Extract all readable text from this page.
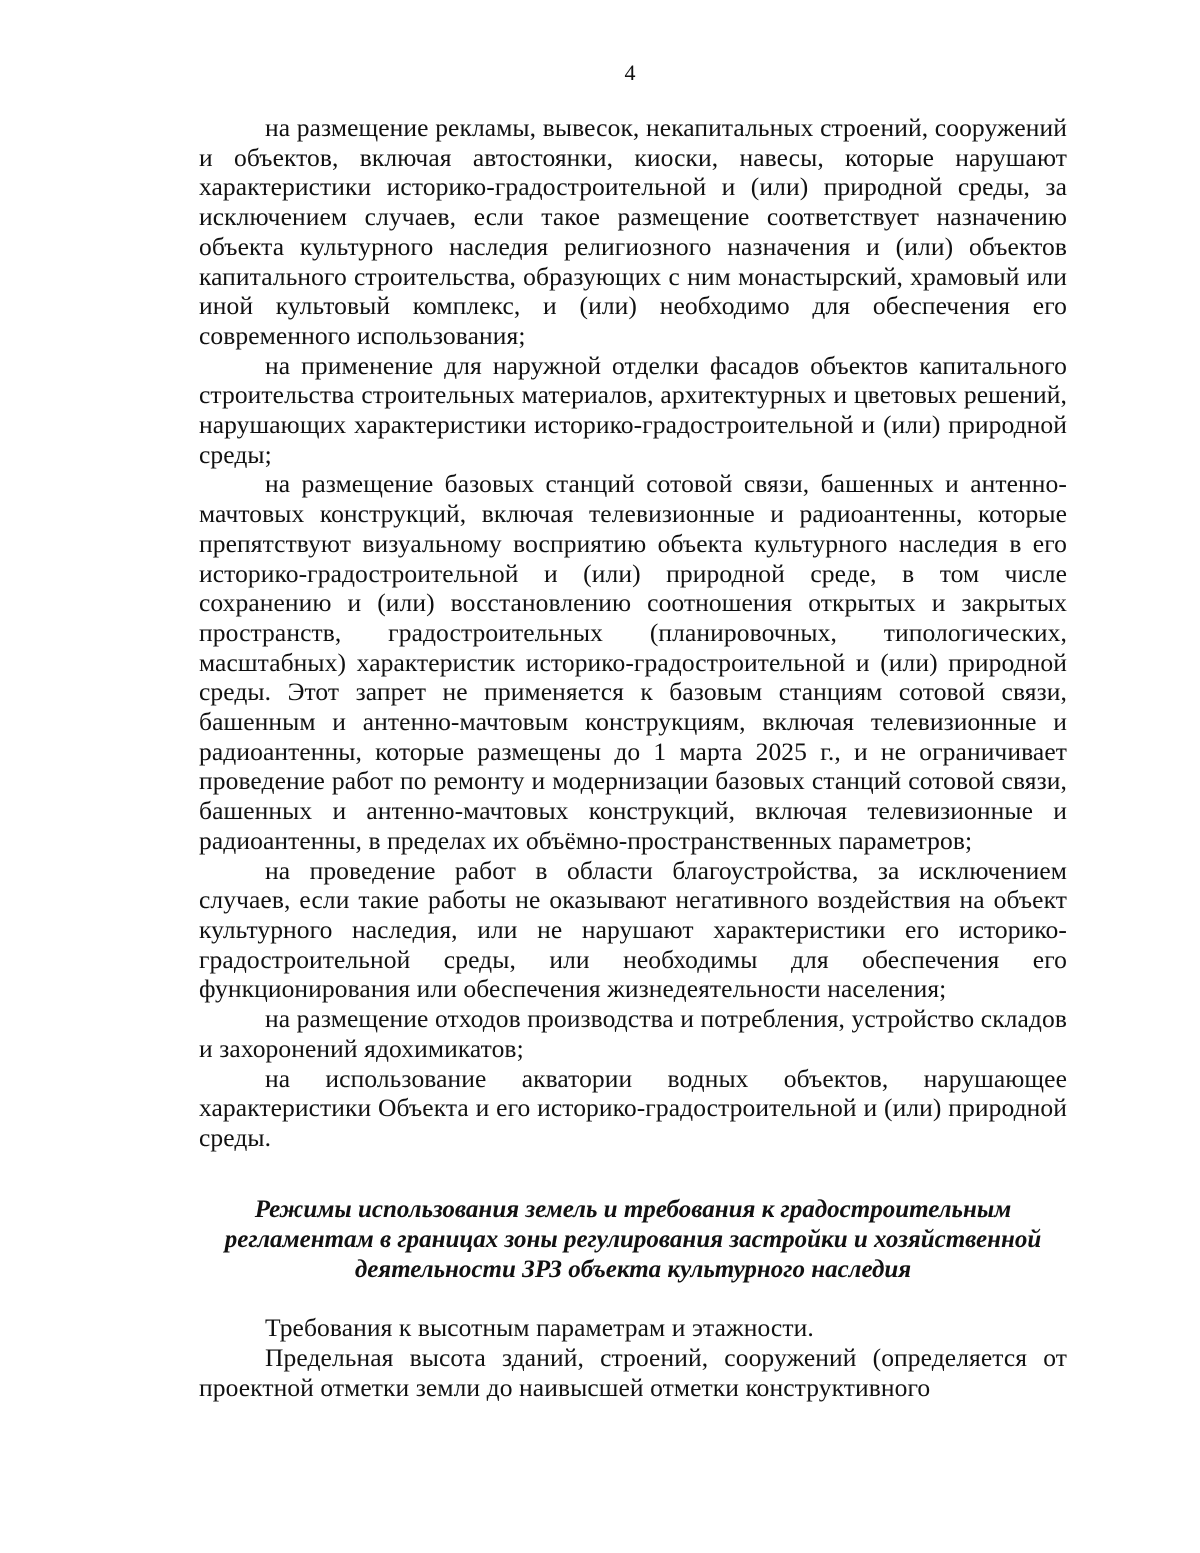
4

на размещение рекламы, вывесок, некапитальных строений, сооружений и объектов, включая автостоянки, киоски, навесы, которые нарушают характеристики историко-градостроительной и (или) природной среды, за исключением случаев, если такое размещение соответствует назначению объекта культурного наследия религиозного назначения и (или) объектов капитального строительства, образующих с ним монастырский, храмовый или иной культовый комплекс, и (или) необходимо для обеспечения его современного использования;

на применение для наружной отделки фасадов объектов капитального строительства строительных материалов, архитектурных и цветовых решений, нарушающих характеристики историко-градостроительной и (или) природной среды;

на размещение базовых станций сотовой связи, башенных и антенно-мачтовых конструкций, включая телевизионные и радиоантенны, которые препятствуют визуальному восприятию объекта культурного наследия в его историко-градостроительной и (или) природной среде, в том числе сохранению и (или) восстановлению соотношения открытых и закрытых пространств, градостроительных (планировочных, типологических, масштабных) характеристик историко-градостроительной и (или) природной среды. Этот запрет не применяется к базовым станциям сотовой связи, башенным и антенно-мачтовым конструкциям, включая телевизионные и радиоантенны, которые размещены до 1 марта 2025 г., и не ограничивает проведение работ по ремонту и модернизации базовых станций сотовой связи, башенных и антенно-мачтовых конструкций, включая телевизионные и радиоантенны, в пределах их объёмно-пространственных параметров;

на проведение работ в области благоустройства, за исключением случаев, если такие работы не оказывают негативного воздействия на объект культурного наследия, или не нарушают характеристики его историко-градостроительной среды, или необходимы для обеспечения его функционирования или обеспечения жизнедеятельности населения;

на размещение отходов производства и потребления, устройство складов и захоронений ядохимикатов;

на использование акватории водных объектов, нарушающее характеристики Объекта и его историко-градостроительной и (или) природной среды.

Режимы использования земель и требования к градостроительным
регламентам в границах зоны регулирования застройки и хозяйственной
деятельности ЗРЗ объекта культурного наследия

Требования к высотным параметрам и этажности.

Предельная высота зданий, строений, сооружений (определяется от проектной отметки земли до наивысшей отметки конструктивного
